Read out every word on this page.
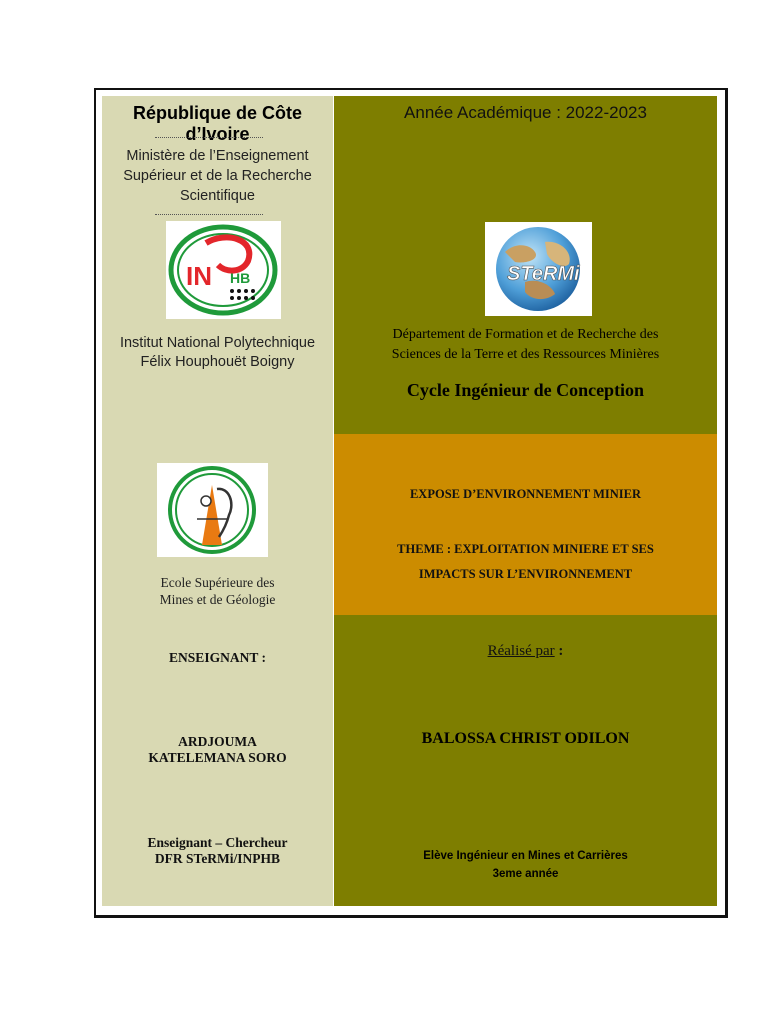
République de Côte d’Ivoire
Ministère de l’Enseignement
Supérieur et de la Recherche
Scientifique
IN HB
Institut National Polytechnique
Félix Houphouët Boigny
Ecole Supérieure des
Mines et de Géologie
ENSEIGNANT :
ARDJOUMA
KATELEMANA SORO
Enseignant – Chercheur
DFR STeRMi/INPHB
Année Académique : 2022-2023
STeRMi
Département de Formation et de Recherche des
Sciences de la Terre et des Ressources Minières
Cycle Ingénieur de Conception
EXPOSE D’ENVIRONNEMENT MINIER
THEME : EXPLOITATION MINIERE ET SES
IMPACTS SUR L’ENVIRONNEMENT
Réalisé par :
BALOSSA CHRIST ODILON
Elève Ingénieur en Mines et Carrières
3eme année
